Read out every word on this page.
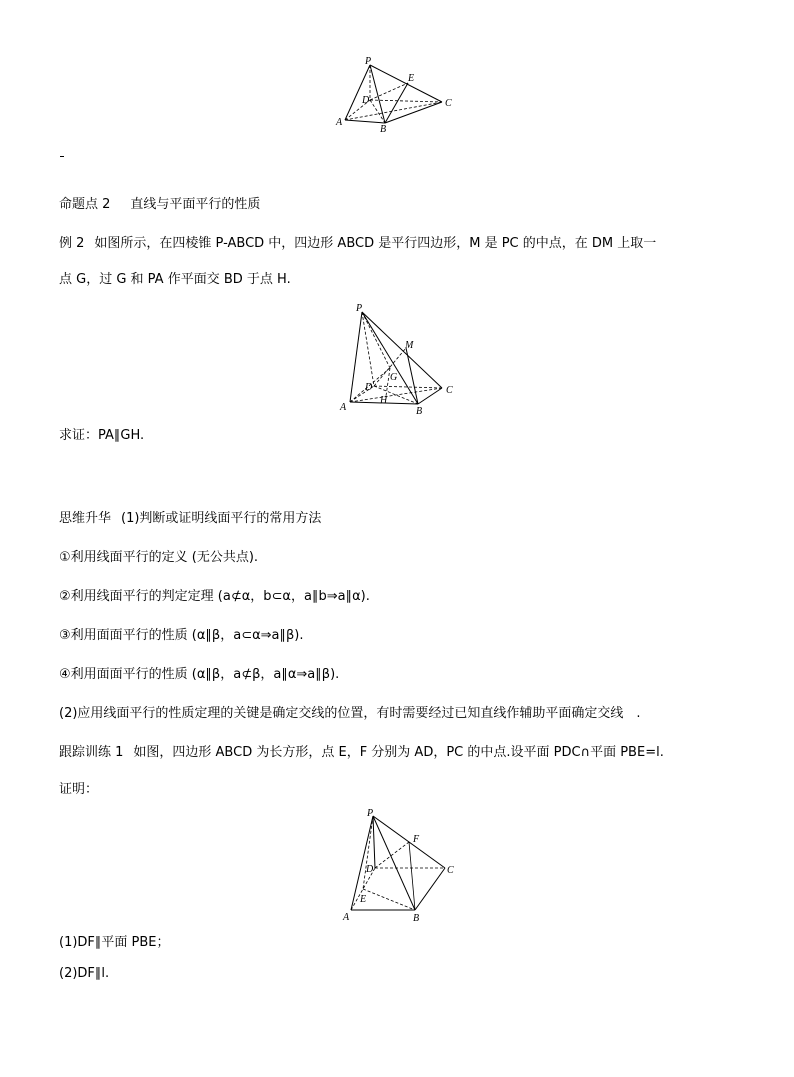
P
E
D	C
A
B
命题点 2 直线与平面平行的性质
例 2 如图所示，在四棱锥 P-ABCD 中，四边形 ABCD 是平行四边形，M 是 PC 的中点，在 DM 上取一
点 G，过 G 和 PA 作平面交 BD 于点 H.
P
M
G
D	C
A
H
B
求证：PA∥GH.
思维升华 (1)判断或证明线面平行的常用方法
①利用线面平行的定义 (无公共点).
②利用线面平行的判定定理 (a⊄α，b⊂α，a∥b⇒a∥α).
③利用面面平行的性质 (α∥β，a⊂α⇒a∥β).
④利用面面平行的性质 (α∥β，a⊄β，a∥α⇒a∥β).
(2)应用线面平行的性质定理的关键是确定交线的位置，有时需要经过已知直线作辅助平面确定交线　.
跟踪训练 1 如图，四边形 ABCD 为长方形，点 E，F 分别为 AD，PC 的中点.设平面 PDC∩平面 PBE=l.
证明：
P
F
D	C
E
A	B
(1)DF∥平面 PBE；
(2)DF∥l.
